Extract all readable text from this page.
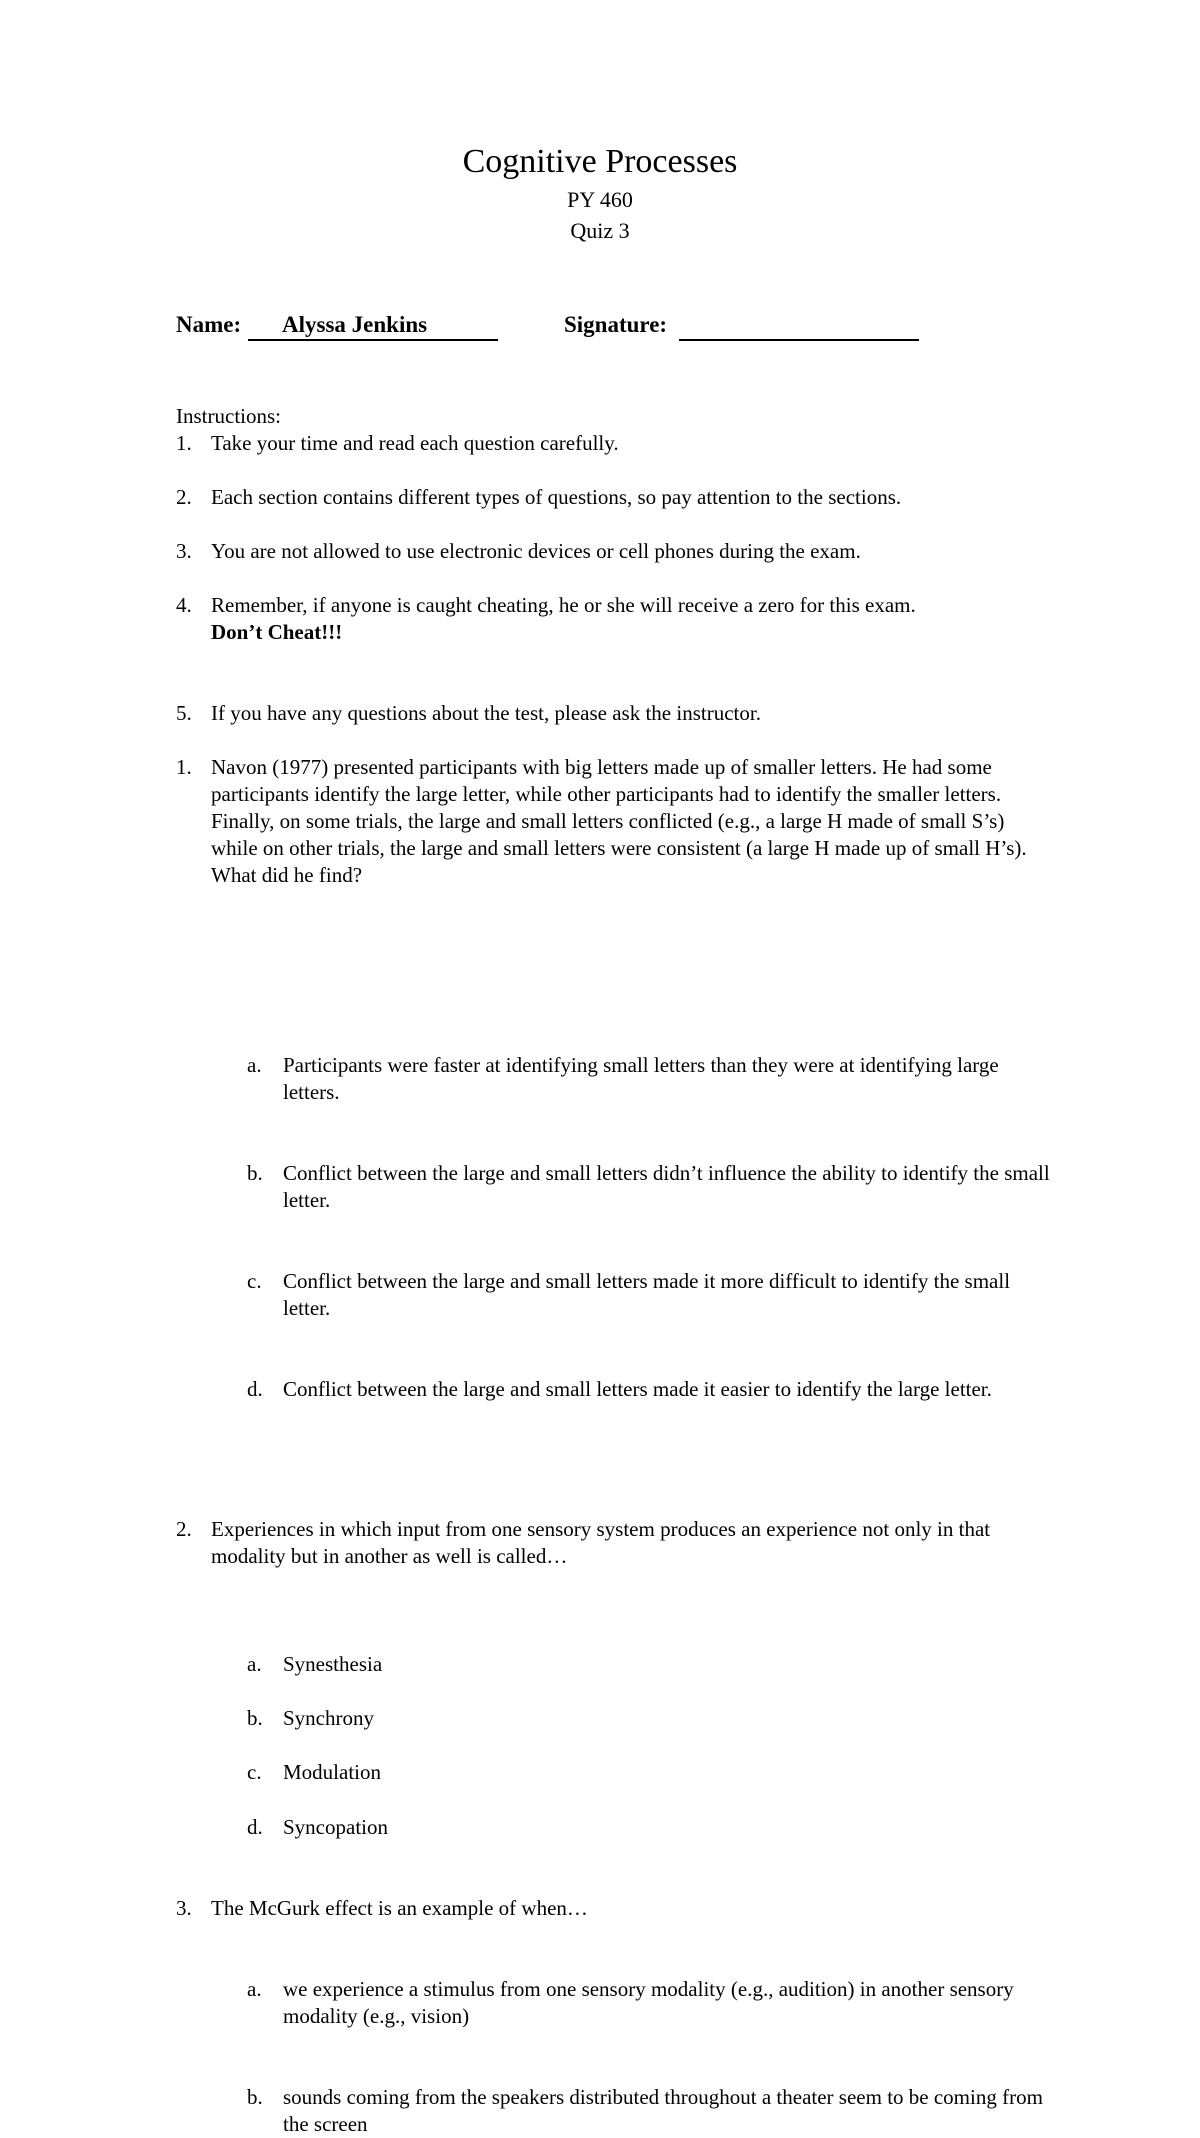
Cognitive Processes
PY 460
Quiz 3
Name: Alyssa Jenkins	Signature:
Instructions:
1. Take your time and read each question carefully.
2. Each section contains different types of questions, so pay attention to the sections.
3. You are not allowed to use electronic devices or cell phones during the exam.
4. Remember, if anyone is caught cheating, he or she will receive a zero for this exam.
Don’t Cheat!!!
5. If you have any questions about the test, please ask the instructor.
1. Navon (1977) presented participants with big letters made up of smaller letters. He had some participants identify the large letter, while other participants had to identify the smaller letters. Finally, on some trials, the large and small letters conflicted (e.g., a large H made of small S’s) while on other trials, the large and small letters were consistent (a large H made up of small H’s). What did he find?
a.	Participants were faster at identifying small letters than they were at identifying large letters.
b. Conflict between the large and small letters didn’t influence the ability to identify the small letter.
c.	Conflict between the large and small letters made it more difficult to identify the small letter.
d. Conflict between the large and small letters made it easier to identify the large letter.
2. Experiences in which input from one sensory system produces an experience not only in that modality but in another as well is called…
a.	Synesthesia
b. Synchrony
c.	Modulation
d. Syncopation
3. The McGurk effect is an example of when…
a.	we experience a stimulus from one sensory modality (e.g., audition) in another sensory modality (e.g., vision)
b. sounds coming from the speakers distributed throughout a theater seem to be coming from the screen
